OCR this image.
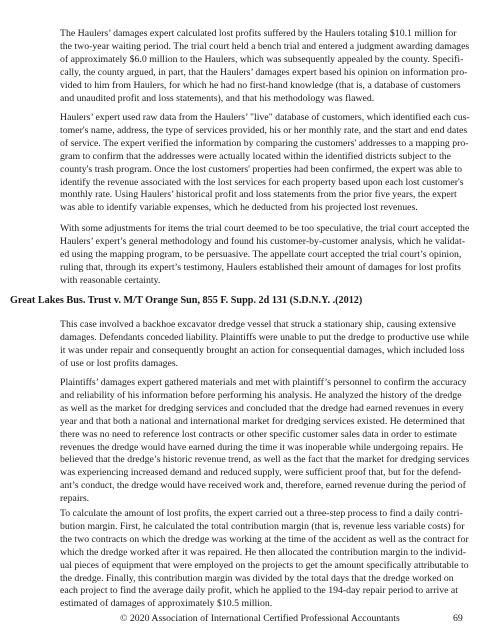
The Haulers’ damages expert calculated lost profits suffered by the Haulers totaling $10.1 million for
the two-year waiting period. The trial court held a bench trial and entered a judgment awarding damages
of approximately $6.0 million to the Haulers, which was subsequently appealed by the county. Specifi-
cally, the county argued, in part, that the Haulers’ damages expert based his opinion on information pro-
vided to him from Haulers, for which he had no first-hand knowledge (that is, a database of customers
and unaudited profit and loss statements), and that his methodology was flawed.
Haulers’ expert used raw data from the Haulers’ "live" database of customers, which identified each cus-
tomer's name, address, the type of services provided, his or her monthly rate, and the start and end dates
of service. The expert verified the information by comparing the customers' addresses to a mapping pro-
gram to confirm that the addresses were actually located within the identified districts subject to the
county's trash program. Once the lost customers' properties had been confirmed, the expert was able to
identify the revenue associated with the lost services for each property based upon each lost customer's
monthly rate. Using Haulers’ historical profit and loss statements from the prior five years, the expert
was able to identify variable expenses, which he deducted from his projected lost revenues.
With some adjustments for items the trial court deemed to be too speculative, the trial court accepted the
Haulers’ expert’s general methodology and found his customer-by-customer analysis, which he validat-
ed using the mapping program, to be persuasive. The appellate court accepted the trial court’s opinion,
ruling that, through its expert’s testimony, Haulers established their amount of damages for lost profits
with reasonable certainty.
Great Lakes Bus. Trust v. M/T Orange Sun, 855 F. Supp. 2d 131 (S.D.N.Y. .(2012)
This case involved a backhoe excavator dredge vessel that struck a stationary ship, causing extensive
damages. Defendants conceded liability. Plaintiffs were unable to put the dredge to productive use while
it was under repair and consequently brought an action for consequential damages, which included loss
of use or lost profits damages.
Plaintiffs’ damages expert gathered materials and met with plaintiff’s personnel to confirm the accuracy
and reliability of his information before performing his analysis. He analyzed the history of the dredge
as well as the market for dredging services and concluded that the dredge had earned revenues in every
year and that both a national and international market for dredging services existed. He determined that
there was no need to reference lost contracts or other specific customer sales data in order to estimate
revenues the dredge would have earned during the time it was inoperable while undergoing repairs. He
believed that the dredge’s historic revenue trend, as well as the fact that the market for dredging services
was experiencing increased demand and reduced supply, were sufficient proof that, but for the defend-
ant’s conduct, the dredge would have received work and, therefore, earned revenue during the period of
repairs.
To calculate the amount of lost profits, the expert carried out a three-step process to find a daily contri-
bution margin. First, he calculated the total contribution margin (that is, revenue less variable costs) for
the two contracts on which the dredge was working at the time of the accident as well as the contract for
which the dredge worked after it was repaired. He then allocated the contribution margin to the individ-
ual pieces of equipment that were employed on the projects to get the amount specifically attributable to
the dredge. Finally, this contribution margin was divided by the total days that the dredge worked on
each project to find the average daily profit, which he applied to the 194-day repair period to arrive at
estimated of damages of approximately $10.5 million.
© 2020 Association of International Certified Professional Accountants	69
